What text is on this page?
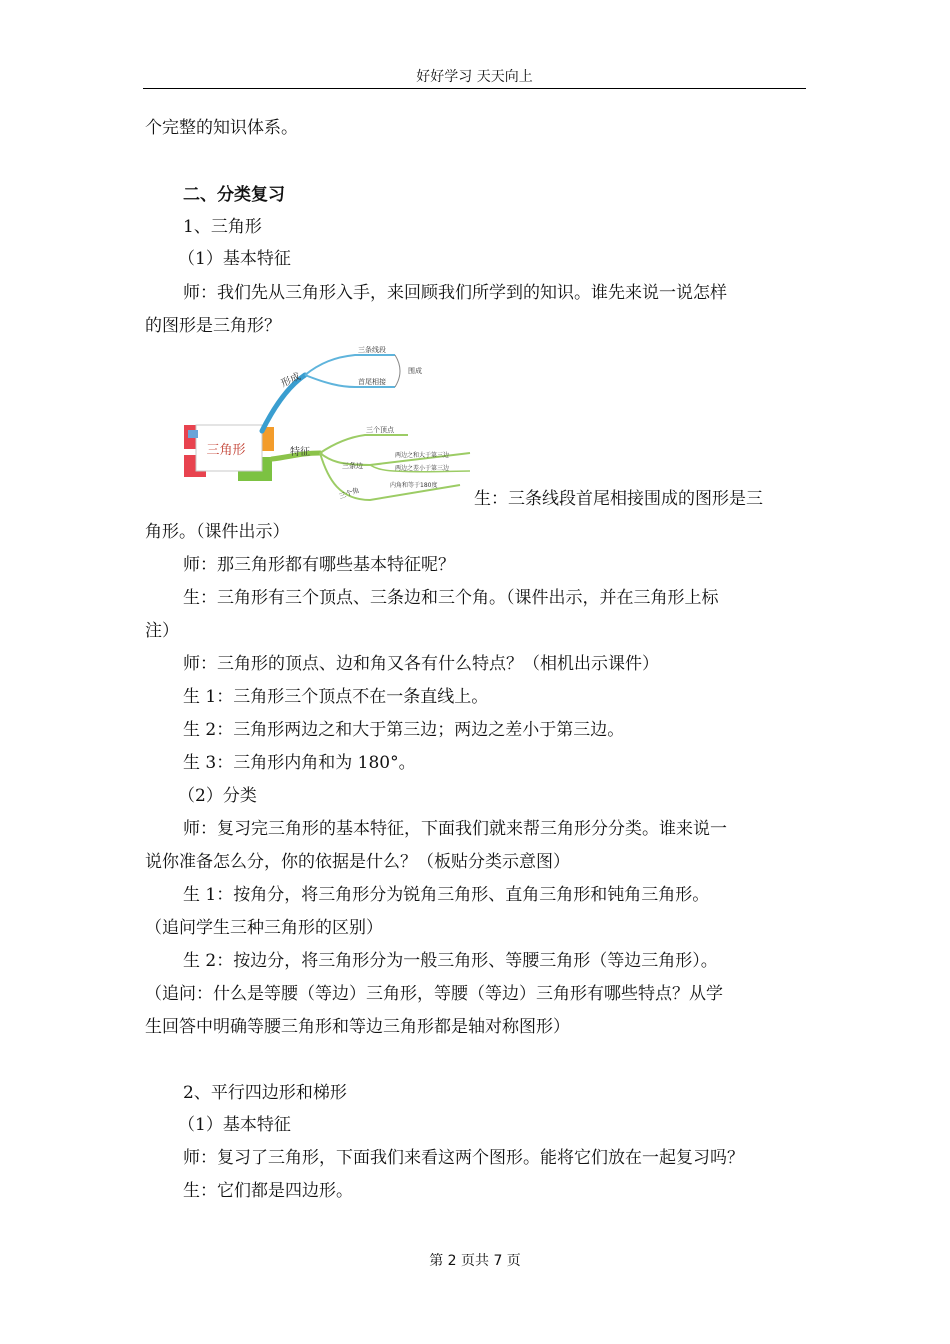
好好学习 天天向上
个完整的知识体系。
二、分类复习
1、三角形
（1）基本特征
师：我们先从三角形入手，来回顾我们所学到的知识。谁先来说一说怎样
的图形是三角形？
三角形
形成
三条线段
首尾相接
围成
特征
三个顶点
三条边
两边之和大于第三边
两边之差小于第三边
三个角
内角和等于180度
生：三条线段首尾相接围成的图形是三
角形。（课件出示）
师：那三角形都有哪些基本特征呢？
生：三角形有三个顶点、三条边和三个角。（课件出示，并在三角形上标
注）
师：三角形的顶点、边和角又各有什么特点？（相机出示课件）
生 1：三角形三个顶点不在一条直线上。
生 2：三角形两边之和大于第三边；两边之差小于第三边。
生 3：三角形内角和为 180°。
（2）分类
师：复习完三角形的基本特征，下面我们就来帮三角形分分类。谁来说一
说你准备怎么分，你的依据是什么？（板贴分类示意图）
生 1：按角分，将三角形分为锐角三角形、直角三角形和钝角三角形。
（追问学生三种三角形的区别）
生 2：按边分，将三角形分为一般三角形、等腰三角形（等边三角形）。
（追问：什么是等腰（等边）三角形，等腰（等边）三角形有哪些特点？从学
生回答中明确等腰三角形和等边三角形都是轴对称图形）
2、平行四边形和梯形
（1）基本特征
师：复习了三角形，下面我们来看这两个图形。能将它们放在一起复习吗？
生：它们都是四边形。
第 2 页共 7 页
